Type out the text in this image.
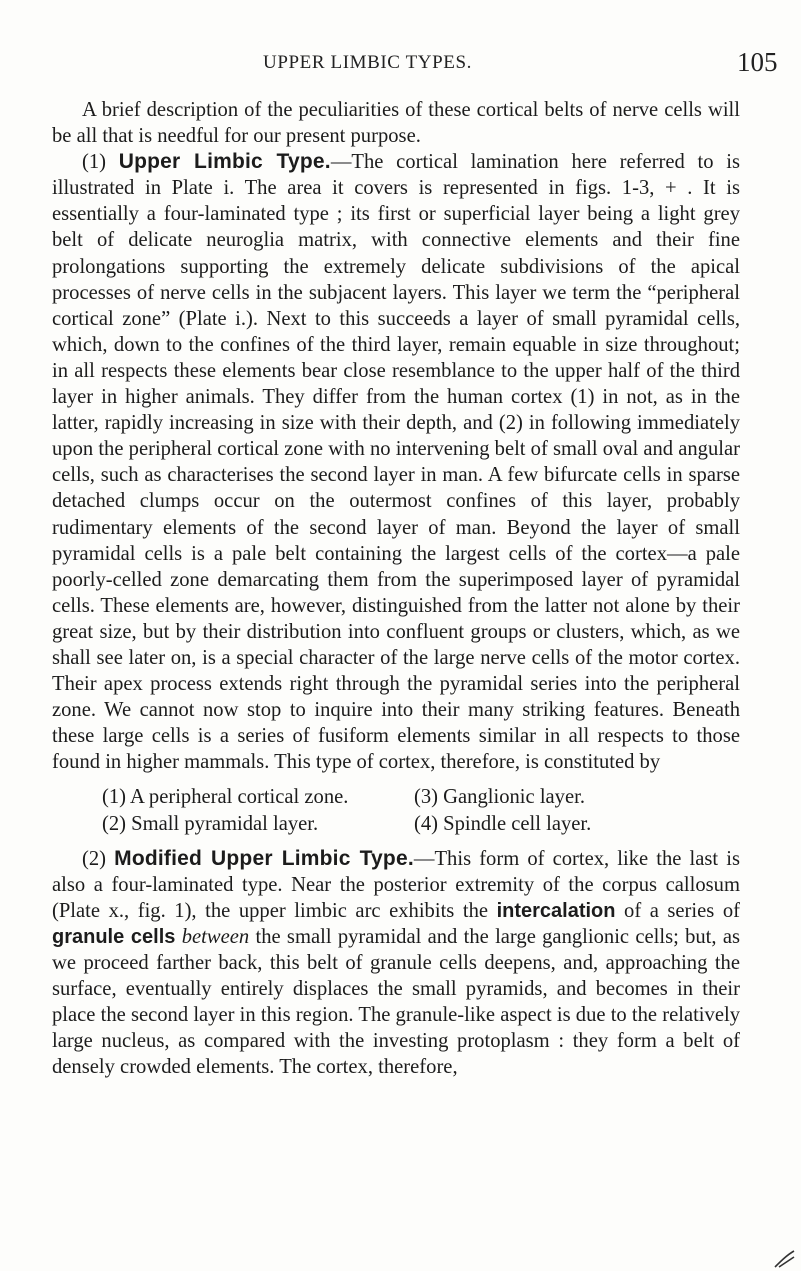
UPPER LIMBIC TYPES.	105

A brief description of the peculiarities of these cortical belts of nerve cells will be all that is needful for our present purpose.

(1) Upper Limbic Type.—The cortical lamination here referred to is illustrated in Plate i. The area it covers is represented in figs. 1-3, + . It is essentially a four-laminated type ; its first or superficial layer being a light grey belt of delicate neuroglia matrix, with connective elements and their fine prolongations supporting the extremely delicate subdivisions of the apical processes of nerve cells in the subjacent layers. This layer we term the “peripheral cortical zone” (Plate i.). Next to this succeeds a layer of small pyramidal cells, which, down to the confines of the third layer, remain equable in size throughout; in all respects these elements bear close resemblance to the upper half of the third layer in higher animals. They differ from the human cortex (1) in not, as in the latter, rapidly increasing in size with their depth, and (2) in following immediately upon the peripheral cortical zone with no intervening belt of small oval and angular cells, such as characterises the second layer in man. A few bifurcate cells in sparse detached clumps occur on the outermost confines of this layer, probably rudimentary elements of the second layer of man. Beyond the layer of small pyramidal cells is a pale belt containing the largest cells of the cortex—a pale poorly-celled zone demarcating them from the superimposed layer of pyramidal cells. These elements are, however, distinguished from the latter not alone by their great size, but by their distribution into confluent groups or clusters, which, as we shall see later on, is a special character of the large nerve cells of the motor cortex. Their apex process extends right through the pyramidal series into the peripheral zone. We cannot now stop to inquire into their many striking features. Beneath these large cells is a series of fusiform elements similar in all respects to those found in higher mammals. This type of cortex, therefore, is constituted by

(1) A peripheral cortical zone.	(3) Ganglionic layer.
(2) Small pyramidal layer.	(4) Spindle cell layer.

(2) Modified Upper Limbic Type.—This form of cortex, like the last is also a four-laminated type. Near the posterior extremity of the corpus callosum (Plate x., fig. 1), the upper limbic arc exhibits the intercalation of a series of granule cells between the small pyramidal and the large ganglionic cells; but, as we proceed farther back, this belt of granule cells deepens, and, approaching the surface, eventually entirely displaces the small pyramids, and becomes in their place the second layer in this region. The granule-like aspect is due to the relatively large nucleus, as compared with the investing protoplasm : they form a belt of densely crowded elements. The cortex, therefore,
